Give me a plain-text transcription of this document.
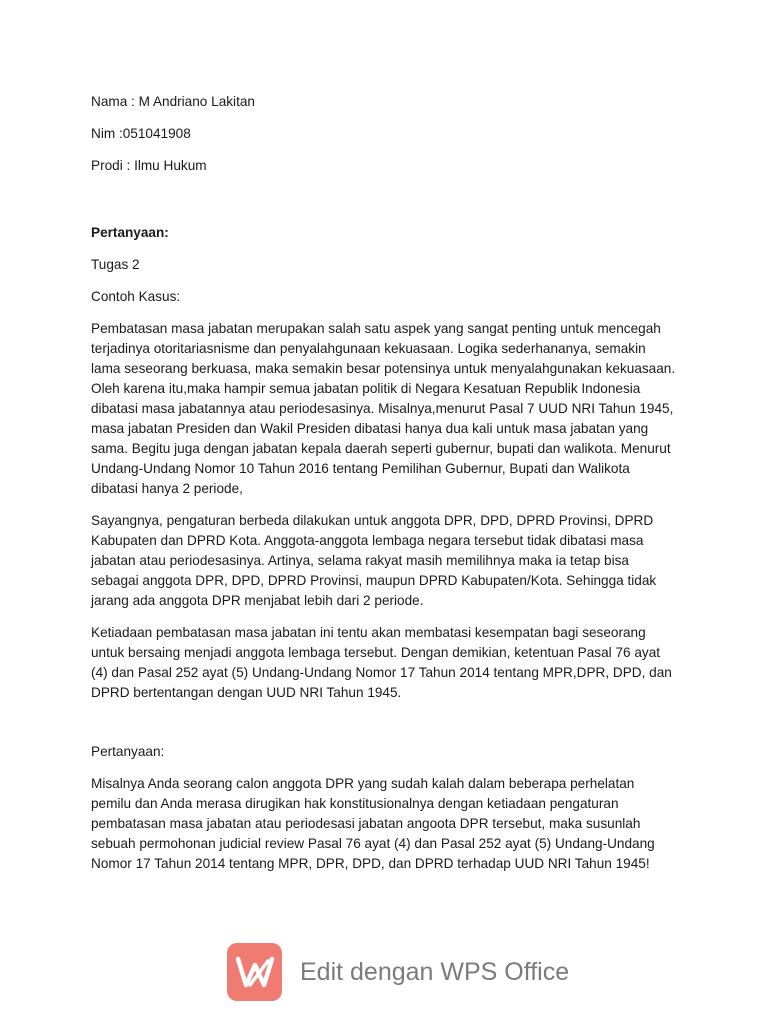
Nama : M Andriano Lakitan

Nim :051041908

Prodi : Ilmu Hukum

Pertanyaan:

Tugas 2

Contoh Kasus:

Pembatasan masa jabatan merupakan salah satu aspek yang sangat penting untuk mencegah
terjadinya otoritariasnisme dan penyalahgunaan kekuasaan. Logika sederhananya, semakin
lama seseorang berkuasa, maka semakin besar potensinya untuk menyalahgunakan kekuasaan.
Oleh karena itu,maka hampir semua jabatan politik di Negara Kesatuan Republik Indonesia
dibatasi masa jabatannya atau periodesasinya. Misalnya,menurut Pasal 7 UUD NRI Tahun 1945,
masa jabatan Presiden dan Wakil Presiden dibatasi hanya dua kali untuk masa jabatan yang
sama. Begitu juga dengan jabatan kepala daerah seperti gubernur, bupati dan walikota. Menurut
Undang-Undang Nomor 10 Tahun 2016 tentang Pemilihan Gubernur, Bupati dan Walikota
dibatasi hanya 2 periode,
Sayangnya, pengaturan berbeda dilakukan untuk anggota DPR, DPD, DPRD Provinsi, DPRD
Kabupaten dan DPRD Kota. Anggota-anggota lembaga negara tersebut tidak dibatasi masa
jabatan atau periodesasinya. Artinya, selama rakyat masih memilihnya maka ia tetap bisa
sebagai anggota DPR, DPD, DPRD Provinsi, maupun DPRD Kabupaten/Kota. Sehingga tidak
jarang ada anggota DPR menjabat lebih dari 2 periode.
Ketiadaan pembatasan masa jabatan ini tentu akan membatasi kesempatan bagi seseorang
untuk bersaing menjadi anggota lembaga tersebut. Dengan demikian, ketentuan Pasal 76 ayat
(4) dan Pasal 252 ayat (5) Undang-Undang Nomor 17 Tahun 2014 tentang MPR,DPR, DPD, dan
DPRD bertentangan dengan UUD NRI Tahun 1945.

Pertanyaan:

Misalnya Anda seorang calon anggota DPR yang sudah kalah dalam beberapa perhelatan
pemilu dan Anda merasa dirugikan hak konstitusionalnya dengan ketiadaan pengaturan
pembatasan masa jabatan atau periodesasi jabatan angoota DPR tersebut, maka susunlah
sebuah permohonan judicial review Pasal 76 ayat (4) dan Pasal 252 ayat (5) Undang-Undang
Nomor 17 Tahun 2014 tentang MPR, DPR, DPD, dan DPRD terhadap UUD NRI Tahun 1945!
Edit dengan WPS Office
